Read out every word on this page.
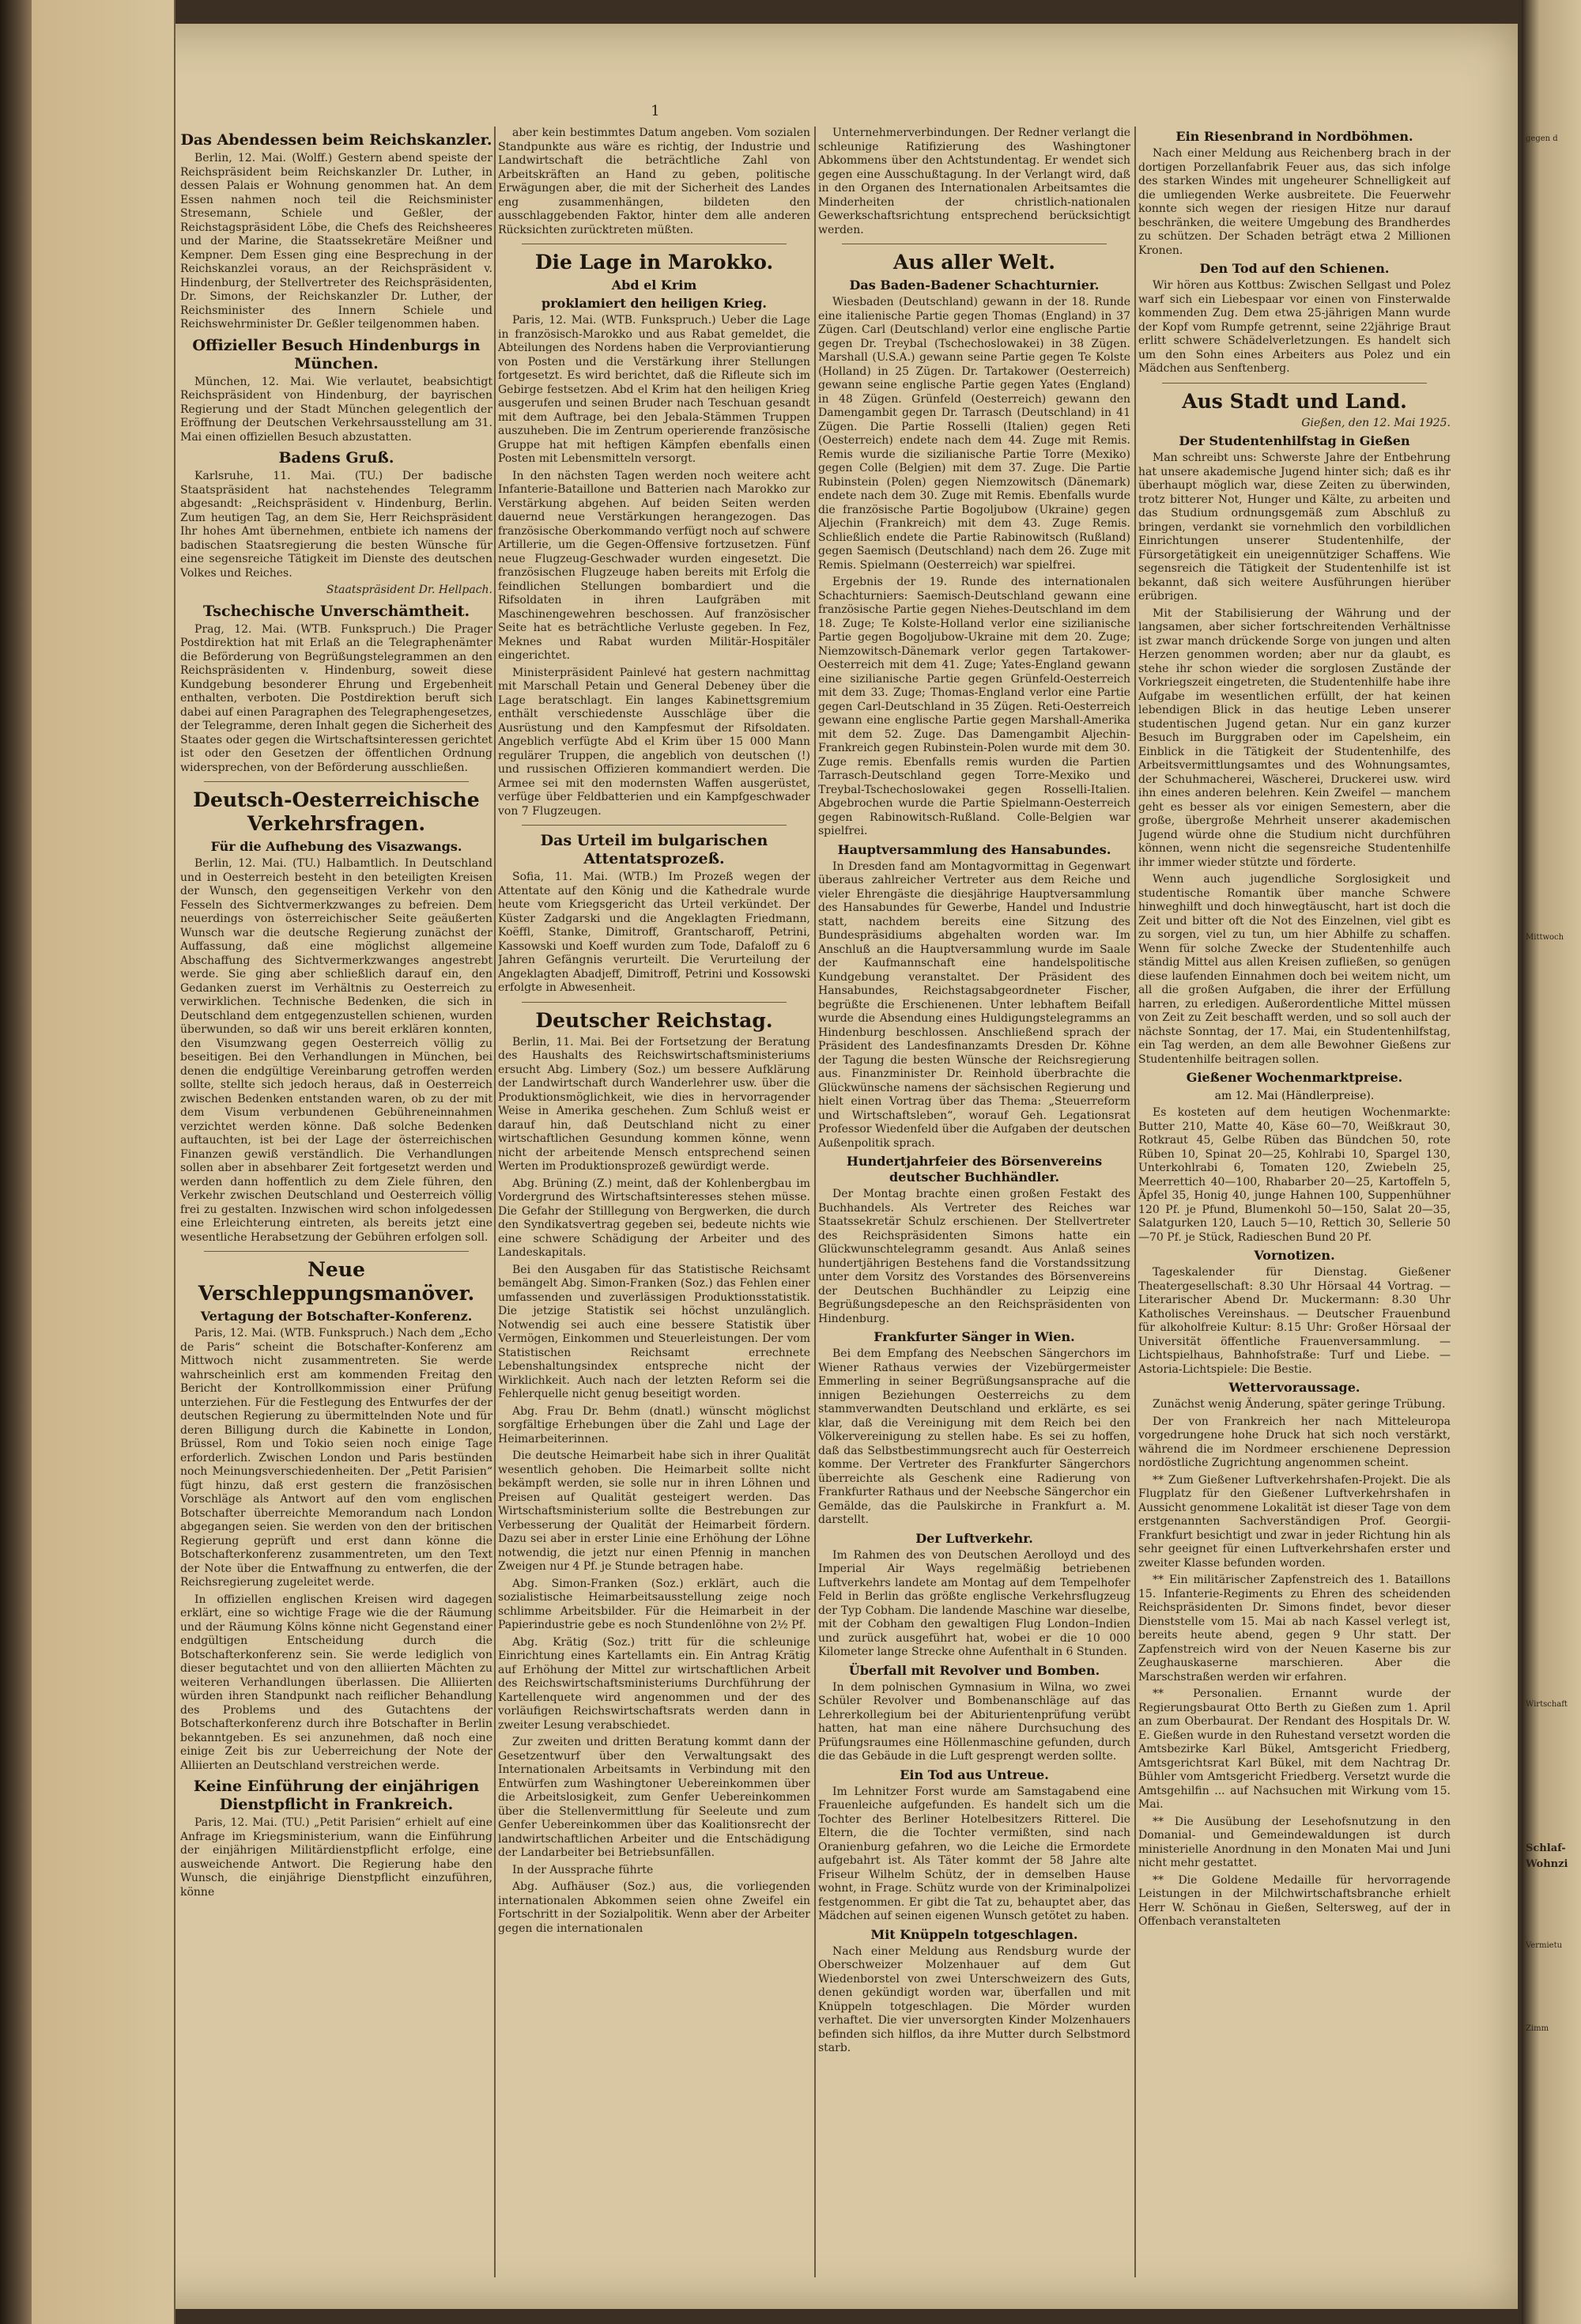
1
Das Abendessen beim Reichskanzler.

Berlin, 12. Mai. (Wolff.) Gestern abend speiste der Reichspräsident beim Reichskanzler Dr. Luther, in dessen Palais er Wohnung genommen hat. An dem Essen nahmen noch teil die Reichsminister Stresemann, Schiele und Geßler, der Reichstagspräsident Löbe, die Chefs des Reichsheeres und der Marine, die Staatssekretäre Meißner und Kempner. Dem Essen ging eine Besprechung in der Reichskanzlei voraus, an der Reichspräsident v. Hindenburg, der Stellvertreter des Reichspräsidenten, Dr. Simons, der Reichskanzler Dr. Luther, der Reichsminister des Innern Schiele und Reichswehrminister Dr. Geßler teilgenommen haben.

Offizieller Besuch Hindenburgs in München.

München, 12. Mai. Wie verlautet, beabsichtigt Reichspräsident von Hindenburg, der bayrischen Regierung und der Stadt München gelegentlich der Eröffnung der Deutschen Verkehrsausstellung am 31. Mai einen offiziellen Besuch abzustatten.

Badens Gruß.

Karlsruhe, 11. Mai. (TU.) Der badische Staatspräsident hat nachstehendes Telegramm abgesandt: „Reichspräsident v. Hindenburg, Berlin. Zum heutigen Tag, an dem Sie, Herr Reichspräsident Ihr hohes Amt übernehmen, entbiete ich namens der badischen Staatsregierung die besten Wünsche für eine segensreiche Tätigkeit im Dienste des deutschen Volkes und Reiches.

Staatspräsident Dr. Hellpach.

Tschechische Unverschämtheit.

Prag, 12. Mai. (WTB. Funkspruch.) Die Prager Postdirektion hat mit Erlaß an die Telegraphenämter die Beförderung von Begrüßungstelegrammen an den Reichspräsidenten v. Hindenburg, soweit diese Kundgebung besonderer Ehrung und Ergebenheit enthalten, verboten. Die Postdirektion beruft sich dabei auf einen Paragraphen des Telegraphengesetzes, der Telegramme, deren Inhalt gegen die Sicherheit des Staates oder gegen die Wirtschaftsinteressen gerichtet ist oder den Gesetzen der öffentlichen Ordnung widersprechen, von der Beförderung ausschließen.

Deutsch-Oesterreichische Verkehrsfragen.
Für die Aufhebung des Visazwangs.

Berlin, 12. Mai. (TU.) Halbamtlich. In Deutschland und in Oesterreich besteht in den beteiligten Kreisen der Wunsch, den gegenseitigen Verkehr von den Fesseln des Sichtvermerkzwanges zu befreien. Dem neuerdings von österreichischer Seite geäußerten Wunsch war die deutsche Regierung zunächst der Auffassung, daß eine möglichst allgemeine Abschaffung des Sichtvermerkzwanges angestrebt werde. Sie ging aber schließlich darauf ein, den Gedanken zuerst im Verhältnis zu Oesterreich zu verwirklichen. Technische Bedenken, die sich in Deutschland dem entgegenzustellen schienen, wurden überwunden, so daß wir uns bereit erklären konnten, den Visumzwang gegen Oesterreich völlig zu beseitigen. Bei den Verhandlungen in München, bei denen die endgültige Vereinbarung getroffen werden sollte, stellte sich jedoch heraus, daß in Oesterreich zwischen Bedenken entstanden waren, ob zu der mit dem Visum verbundenen Gebühreneinnahmen verzichtet werden könne. Daß solche Bedenken auftauchten, ist bei der Lage der österreichischen Finanzen gewiß verständlich. Die Verhandlungen sollen aber in absehbarer Zeit fortgesetzt werden und werden dann hoffentlich zu dem Ziele führen, den Verkehr zwischen Deutschland und Oesterreich völlig frei zu gestalten. Inzwischen wird schon infolgedessen eine Erleichterung eintreten, als bereits jetzt eine wesentliche Herabsetzung der Gebühren erfolgen soll.

Neue Verschleppungsmanöver.
Vertagung der Botschafter-Konferenz.

Paris, 12. Mai. (WTB. Funkspruch.) Nach dem „Echo de Paris“ scheint die Botschafter-Konferenz am Mittwoch nicht zusammentreten. Sie werde wahrscheinlich erst am kommenden Freitag den Bericht der Kontrollkommission einer Prüfung unterziehen. Für die Festlegung des Entwurfes der der deutschen Regierung zu übermittelnden Note und für deren Billigung durch die Kabinette in London, Brüssel, Rom und Tokio seien noch einige Tage erforderlich. Zwischen London und Paris bestünden noch Meinungsverschiedenheiten. Der „Petit Parisien“ fügt hinzu, daß erst gestern die französischen Vorschläge als Antwort auf den vom englischen Botschafter überreichte Memorandum nach London abgegangen seien. Sie werden von den der britischen Regierung geprüft und erst dann könne die Botschafterkonferenz zusammentreten, um den Text der Note über die Entwaffnung zu entwerfen, die der Reichsregierung zugeleitet werde.

In offiziellen englischen Kreisen wird dagegen erklärt, eine so wichtige Frage wie die der Räumung und der Räumung Kölns könne nicht Gegenstand einer endgültigen Entscheidung durch die Botschafterkonferenz sein. Sie werde lediglich von dieser begutachtet und von den alliierten Mächten zu weiteren Verhandlungen überlassen. Die Alliierten würden ihren Standpunkt nach reiflicher Behandlung des Problems und des Gutachtens der Botschafterkonferenz durch ihre Botschafter in Berlin bekanntgeben. Es sei anzunehmen, daß noch eine einige Zeit bis zur Ueberreichung der Note der Alliierten an Deutschland verstreichen werde.

Keine Einführung der einjährigen Dienstpflicht in Frankreich.

Paris, 12. Mai. (TU.) „Petit Parisien“ erhielt auf eine Anfrage im Kriegsministerium, wann die Einführung der einjährigen Militärdienstpflicht erfolge, eine ausweichende Antwort. Die Regierung habe den Wunsch, die einjährige Dienstpflicht einzuführen, könne

aber kein bestimmtes Datum angeben. Vom sozialen Standpunkte aus wäre es richtig, der Industrie und Landwirtschaft die beträchtliche Zahl von Arbeitskräften an Hand zu geben, politische Erwägungen aber, die mit der Sicherheit des Landes eng zusammenhängen, bildeten den ausschlaggebenden Faktor, hinter dem alle anderen Rücksichten zurücktreten müßten.

Die Lage in Marokko.
Abd el Krim
proklamiert den heiligen Krieg.

Paris, 12. Mai. (WTB. Funkspruch.) Ueber die Lage in französisch-Marokko und aus Rabat gemeldet, die Abteilungen des Nordens haben die Verproviantierung von Posten und die Verstärkung ihrer Stellungen fortgesetzt. Es wird berichtet, daß die Rifleute sich im Gebirge festsetzen. Abd el Krim hat den heiligen Krieg ausgerufen und seinen Bruder nach Teschuan gesandt mit dem Auftrage, bei den Jebala-Stämmen Truppen auszuheben. Die im Zentrum operierende französische Gruppe hat mit heftigen Kämpfen ebenfalls einen Posten mit Lebensmitteln versorgt.

In den nächsten Tagen werden noch weitere acht Infanterie-Bataillone und Batterien nach Marokko zur Verstärkung abgehen. Auf beiden Seiten werden dauernd neue Verstärkungen herangezogen. Das französische Oberkommando verfügt noch auf schwere Artillerie, um die Gegen-Offensive fortzusetzen. Fünf neue Flugzeug-Geschwader wurden eingesetzt. Die französischen Flugzeuge haben bereits mit Erfolg die feindlichen Stellungen bombardiert und die Rifsoldaten in ihren Laufgräben mit Maschinengewehren beschossen. Auf französischer Seite hat es beträchtliche Verluste gegeben. In Fez, Meknes und Rabat wurden Militär-Hospitäler eingerichtet.

Ministerpräsident Painlevé hat gestern nachmittag mit Marschall Petain und General Debeney über die Lage beratschlagt. Ein langes Kabinettsgremium enthält verschiedenste Ausschläge über die Ausrüstung und den Kampfesmut der Rifsoldaten. Angeblich verfügte Abd el Krim über 15 000 Mann regulärer Truppen, die angeblich von deutschen (!) und russischen Offizieren kommandiert werden. Die Armee sei mit den modernsten Waffen ausgerüstet, verfüge über Feldbatterien und ein Kampfgeschwader von 7 Flugzeugen.

Das Urteil im bulgarischen Attentatsprozeß.

Sofia, 11. Mai. (WTB.) Im Prozeß wegen der Attentate auf den König und die Kathedrale wurde heute vom Kriegsgericht das Urteil verkündet. Der Küster Zadgarski und die Angeklagten Friedmann, Koëffl, Stanke, Dimitroff, Grantscharoff, Petrini, Kassowski und Koeff wurden zum Tode, Dafaloff zu 6 Jahren Gefängnis verurteilt. Die Verurteilung der Angeklagten Abadjeff, Dimitroff, Petrini und Kossowski erfolgte in Abwesenheit.

Deutscher Reichstag.

Berlin, 11. Mai. Bei der Fortsetzung der Beratung des Haushalts des Reichswirtschaftsministeriums ersucht Abg. Limbery (Soz.) um bessere Aufklärung der Landwirtschaft durch Wanderlehrer usw. über die Produktionsmöglichkeit, wie dies in hervorragender Weise in Amerika geschehen. Zum Schluß weist er darauf hin, daß Deutschland nicht zu einer wirtschaftlichen Gesundung kommen könne, wenn nicht der arbeitende Mensch entsprechend seinen Werten im Produktionsprozeß gewürdigt werde.

Abg. Brüning (Z.) meint, daß der Kohlenbergbau im Vordergrund des Wirtschaftsinteresses stehen müsse. Die Gefahr der Stilllegung von Bergwerken, die durch den Syndikatsvertrag gegeben sei, bedeute nichts wie eine schwere Schädigung der Arbeiter und des Landeskapitals.

Bei den Ausgaben für das Statistische Reichsamt bemängelt Abg. Simon-Franken (Soz.) das Fehlen einer umfassenden und zuverlässigen Produktionsstatistik. Die jetzige Statistik sei höchst unzulänglich. Notwendig sei auch eine bessere Statistik über Vermögen, Einkommen und Steuerleistungen. Der vom Statistischen Reichsamt errechnete Lebenshaltungsindex entspreche nicht der Wirklichkeit. Auch nach der letzten Reform sei die Fehlerquelle nicht genug beseitigt worden.

Abg. Frau Dr. Behm (dnatl.) wünscht möglichst sorgfältige Erhebungen über die Zahl und Lage der Heimarbeiterinnen.

Die deutsche Heimarbeit habe sich in ihrer Qualität wesentlich gehoben. Die Heimarbeit sollte nicht bekämpft werden, sie solle nur in ihren Löhnen und Preisen auf Qualität gesteigert werden. Das Wirtschaftsministerium sollte die Bestrebungen zur Verbesserung der Qualität der Heimarbeit fördern. Dazu sei aber in erster Linie eine Erhöhung der Löhne notwendig, die jetzt nur einen Pfennig in manchen Zweigen nur 4 Pf. je Stunde betragen habe.

Abg. Simon-Franken (Soz.) erklärt, auch die sozialistische Heimarbeitsausstellung zeige noch schlimme Arbeitsbilder. Für die Heimarbeit in der Papierindustrie gebe es noch Stundenlöhne von 2½ Pf.

Abg. Krätig (Soz.) tritt für die schleunige Einrichtung eines Kartellamts ein. Ein Antrag Krätig auf Erhöhung der Mittel zur wirtschaftlichen Arbeit des Reichswirtschaftsministeriums Durchführung der Kartellenquete wird angenommen und der des vorläufigen Reichswirtschaftsrats werden dann in zweiter Lesung verabschiedet.

Zur zweiten und dritten Beratung kommt dann der Gesetzentwurf über den Verwaltungsakt des Internationalen Arbeitsamts in Verbindung mit den Entwürfen zum Washingtoner Uebereinkommen über die Arbeitslosigkeit, zum Genfer Uebereinkommen über die Stellenvermittlung für Seeleute und zum Genfer Uebereinkommen über das Koalitionsrecht der landwirtschaftlichen Arbeiter und die Entschädigung der Landarbeiter bei Betriebsunfällen.

In der Aussprache führte

Abg. Aufhäuser (Soz.) aus, die vorliegenden internationalen Abkommen seien ohne Zweifel ein Fortschritt in der Sozialpolitik. Wenn aber der Arbeiter gegen die internationalen

Unternehmerverbindungen. Der Redner verlangt die schleunige Ratifizierung des Washingtoner Abkommens über den Achtstundentag. Er wendet sich gegen eine Ausschußtagung. In der Verlangt wird, daß in den Organen des Internationalen Arbeitsamtes die Minderheiten der christlich-nationalen Gewerkschaftsrichtung entsprechend berücksichtigt werden.

Aus aller Welt.
Das Baden-Badener Schachturnier.

Wiesbaden (Deutschland) gewann in der 18. Runde eine italienische Partie gegen Thomas (England) in 37 Zügen. Carl (Deutschland) verlor eine englische Partie gegen Dr. Treybal (Tschechoslowakei) in 38 Zügen. Marshall (U.S.A.) gewann seine Partie gegen Te Kolste (Holland) in 25 Zügen. Dr. Tartakower (Oesterreich) gewann seine englische Partie gegen Yates (England) in 48 Zügen. Grünfeld (Oesterreich) gewann den Damengambit gegen Dr. Tarrasch (Deutschland) in 41 Zügen. Die Partie Rosselli (Italien) gegen Reti (Oesterreich) endete nach dem 44. Zuge mit Remis. Remis wurde die sizilianische Partie Torre (Mexiko) gegen Colle (Belgien) mit dem 37. Zuge. Die Partie Rubinstein (Polen) gegen Niemzowitsch (Dänemark) endete nach dem 30. Zuge mit Remis. Ebenfalls wurde die französische Partie Bogoljubow (Ukraine) gegen Aljechin (Frankreich) mit dem 43. Zuge Remis. Schließlich endete die Partie Rabinowitsch (Rußland) gegen Saemisch (Deutschland) nach dem 26. Zuge mit Remis. Spielmann (Oesterreich) war spielfrei.

Ergebnis der 19. Runde des internationalen Schachturniers: Saemisch-Deutschland gewann eine französische Partie gegen Niehes-Deutschland im dem 18. Zuge; Te Kolste-Holland verlor eine sizilianische Partie gegen Bogoljubow-Ukraine mit dem 20. Zuge; Niemzowitsch-Dänemark verlor gegen Tartakower-Oesterreich mit dem 41. Zuge; Yates-England gewann eine sizilianische Partie gegen Grünfeld-Oesterreich mit dem 33. Zuge; Thomas-England verlor eine Partie gegen Carl-Deutschland in 35 Zügen. Reti-Oesterreich gewann eine englische Partie gegen Marshall-Amerika mit dem 52. Zuge. Das Damengambit Aljechin-Frankreich gegen Rubinstein-Polen wurde mit dem 30. Zuge remis. Ebenfalls remis wurden die Partien Tarrasch-Deutschland gegen Torre-Mexiko und Treybal-Tschechoslowakei gegen Rosselli-Italien. Abgebrochen wurde die Partie Spielmann-Oesterreich gegen Rabinowitsch-Rußland. Colle-Belgien war spielfrei.

Hauptversammlung des Hansabundes.

In Dresden fand am Montagvormittag in Gegenwart überaus zahlreicher Vertreter aus dem Reiche und vieler Ehrengäste die diesjährige Hauptversammlung des Hansabundes für Gewerbe, Handel und Industrie statt, nachdem bereits eine Sitzung des Bundespräsidiums abgehalten worden war. Im Anschluß an die Hauptversammlung wurde im Saale der Kaufmannschaft eine handelspolitische Kundgebung veranstaltet. Der Präsident des Hansabundes, Reichstagsabgeordneter Fischer, begrüßte die Erschienenen. Unter lebhaftem Beifall wurde die Absendung eines Huldigungstelegramms an Hindenburg beschlossen. Anschließend sprach der Präsident des Landesfinanzamts Dresden Dr. Köhne der Tagung die besten Wünsche der Reichsregierung aus. Finanzminister Dr. Reinhold überbrachte die Glückwünsche namens der sächsischen Regierung und hielt einen Vortrag über das Thema: „Steuerreform und Wirtschaftsleben“, worauf Geh. Legationsrat Professor Wiedenfeld über die Aufgaben der deutschen Außenpolitik sprach.

Hundertjahrfeier des Börsenvereins deutscher Buchhändler.

Der Montag brachte einen großen Festakt des Buchhandels. Als Vertreter des Reiches war Staatssekretär Schulz erschienen. Der Stellvertreter des Reichspräsidenten Simons hatte ein Glückwunschtelegramm gesandt. Aus Anlaß seines hundertjährigen Bestehens fand die Vorstandssitzung unter dem Vorsitz des Vorstandes des Börsenvereins der Deutschen Buchhändler zu Leipzig eine Begrüßungsdepesche an den Reichspräsidenten von Hindenburg.

Frankfurter Sänger in Wien.

Bei dem Empfang des Neebschen Sängerchors im Wiener Rathaus verwies der Vizebürgermeister Emmerling in seiner Begrüßungsansprache auf die innigen Beziehungen Oesterreichs zu dem stammverwandten Deutschland und erklärte, es sei klar, daß die Vereinigung mit dem Reich bei den Völkervereinigung zu stellen habe. Es sei zu hoffen, daß das Selbstbestimmungsrecht auch für Oesterreich komme. Der Vertreter des Frankfurter Sängerchors überreichte als Geschenk eine Radierung von Frankfurter Rathaus und der Neebsche Sängerchor ein Gemälde, das die Paulskirche in Frankfurt a. M. darstellt.

Der Luftverkehr.

Im Rahmen des von Deutschen Aerolloyd und des Imperial Air Ways regelmäßig betriebenen Luftverkehrs landete am Montag auf dem Tempelhofer Feld in Berlin das größte englische Verkehrsflugzeug der Typ Cobham. Die landende Maschine war dieselbe, mit der Cobham den gewaltigen Flug London–Indien und zurück ausgeführt hat, wobei er die 10 000 Kilometer lange Strecke ohne Aufenthalt in 6 Stunden.

Überfall mit Revolver und Bomben.

In dem polnischen Gymnasium in Wilna, wo zwei Schüler Revolver und Bombenanschläge auf das Lehrerkollegium bei der Abiturientenprüfung verübt hatten, hat man eine nähere Durchsuchung des Prüfungsraumes eine Höllenmaschine gefunden, durch die das Gebäude in die Luft gesprengt werden sollte.

Ein Tod aus Untreue.

Im Lehnitzer Forst wurde am Samstagabend eine Frauenleiche aufgefunden. Es handelt sich um die Tochter des Berliner Hotelbesitzers Ritterel. Die Eltern, die die Tochter vermißten, sind nach Oranienburg gefahren, wo die Leiche die Ermordete aufgebahrt ist. Als Täter kommt der 58 Jahre alte Friseur Wilhelm Schütz, der in demselben Hause wohnt, in Frage. Schütz wurde von der Kriminalpolizei festgenommen. Er gibt die Tat zu, behauptet aber, das Mädchen auf seinen eigenen Wunsch getötet zu haben.

Mit Knüppeln totgeschlagen.

Nach einer Meldung aus Rendsburg wurde der Oberschweizer Molzenhauer auf dem Gut Wiedenborstel von zwei Unterschweizern des Guts, denen gekündigt worden war, überfallen und mit Knüppeln totgeschlagen. Die Mörder wurden verhaftet. Die vier unversorgten Kinder Molzenhauers befinden sich hilflos, da ihre Mutter durch Selbstmord starb.

Ein Riesenbrand in Nordböhmen.

Nach einer Meldung aus Reichenberg brach in der dortigen Porzellanfabrik Feuer aus, das sich infolge des starken Windes mit ungeheurer Schnelligkeit auf die umliegenden Werke ausbreitete. Die Feuerwehr konnte sich wegen der riesigen Hitze nur darauf beschränken, die weitere Umgebung des Brandherdes zu schützen. Der Schaden beträgt etwa 2 Millionen Kronen.

Den Tod auf den Schienen.

Wir hören aus Kottbus: Zwischen Sellgast und Polez warf sich ein Liebespaar vor einen von Finsterwalde kommenden Zug. Dem etwa 25-jährigen Mann wurde der Kopf vom Rumpfe getrennt, seine 22jährige Braut erlitt schwere Schädelverletzungen. Es handelt sich um den Sohn eines Arbeiters aus Polez und ein Mädchen aus Senftenberg.

Aus Stadt und Land.

Gießen, den 12. Mai 1925.

Der Studentenhilfstag in Gießen

Man schreibt uns: Schwerste Jahre der Entbehrung hat unsere akademische Jugend hinter sich; daß es ihr überhaupt möglich war, diese Zeiten zu überwinden, trotz bitterer Not, Hunger und Kälte, zu arbeiten und das Studium ordnungsgemäß zum Abschluß zu bringen, verdankt sie vornehmlich den vorbildlichen Einrichtungen unserer Studentenhilfe, der Fürsorgetätigkeit ein uneigennütziger Schaffens. Wie segensreich die Tätigkeit der Studentenhilfe ist ist bekannt, daß sich weitere Ausführungen hierüber erübrigen.

Mit der Stabilisierung der Währung und der langsamen, aber sicher fortschreitenden Verhältnisse ist zwar manch drückende Sorge von jungen und alten Herzen genommen worden; aber nur da glaubt, es stehe ihr schon wieder die sorglosen Zustände der Vorkriegszeit eingetreten, die Studentenhilfe habe ihre Aufgabe im wesentlichen erfüllt, der hat keinen lebendigen Blick in das heutige Leben unserer studentischen Jugend getan. Nur ein ganz kurzer Besuch im Burggraben oder im Capelsheim, ein Einblick in die Tätigkeit der Studentenhilfe, des Arbeitsvermittlungsamtes und des Wohnungsamtes, der Schuhmacherei, Wäscherei, Druckerei usw. wird ihn eines anderen belehren. Kein Zweifel — manchem geht es besser als vor einigen Semestern, aber die große, übergroße Mehrheit unserer akademischen Jugend würde ohne die Studium nicht durchführen können, wenn nicht die segensreiche Studentenhilfe ihr immer wieder stützte und förderte.

Wenn auch jugendliche Sorglosigkeit und studentische Romantik über manche Schwere hinweghilft und doch hinwegtäuscht, hart ist doch die Zeit und bitter oft die Not des Einzelnen, viel gibt es zu sorgen, viel zu tun, um hier Abhilfe zu schaffen. Wenn für solche Zwecke der Studentenhilfe auch ständig Mittel aus allen Kreisen zufließen, so genügen diese laufenden Einnahmen doch bei weitem nicht, um all die großen Aufgaben, die ihrer der Erfüllung harren, zu erledigen. Außerordentliche Mittel müssen von Zeit zu Zeit beschafft werden, und so soll auch der nächste Sonntag, der 17. Mai, ein Studentenhilfstag, ein Tag werden, an dem alle Bewohner Gießens zur Studentenhilfe beitragen sollen.

Gießener Wochenmarktpreise.
am 12. Mai (Händlerpreise).

Es kosteten auf dem heutigen Wochenmarkte: Butter 210, Matte 40, Käse 60—70, Weißkraut 30, Rotkraut 45, Gelbe Rüben das Bündchen 50, rote Rüben 10, Spinat 20—25, Kohlrabi 10, Spargel 130, Unterkohlrabi 6, Tomaten 120, Zwiebeln 25, Meerrettich 40—100, Rhabarber 20—25, Kartoffeln 5, Äpfel 35, Honig 40, junge Hahnen 100, Suppenhühner 120 Pf. je Pfund, Blumenkohl 50—150, Salat 20—35, Salatgurken 120, Lauch 5—10, Rettich 30, Sellerie 50—70 Pf. je Stück, Radieschen Bund 20 Pf.

Vornotizen.

Tageskalender für Dienstag. Gießener Theatergesellschaft: 8.30 Uhr Hörsaal 44 Vortrag. — Literarischer Abend Dr. Muckermann: 8.30 Uhr Katholisches Vereinshaus. — Deutscher Frauenbund für alkoholfreie Kultur: 8.15 Uhr: Großer Hörsaal der Universität öffentliche Frauenversammlung. — Lichtspielhaus, Bahnhofstraße: Turf und Liebe. — Astoria-Lichtspiele: Die Bestie.

Wettervoraussage.

Zunächst wenig Änderung, später geringe Trübung.

Der von Frankreich her nach Mitteleuropa vorgedrungene hohe Druck hat sich noch verstärkt, während die im Nordmeer erschienene Depression nordöstliche Zugrichtung angenommen scheint.

** Zum Gießener Luftverkehrshafen-Projekt. Die als Flugplatz für den Gießener Luftverkehrshafen in Aussicht genommene Lokalität ist dieser Tage von dem erstgenannten Sachverständigen Prof. Georgii-Frankfurt besichtigt und zwar in jeder Richtung hin als sehr geeignet für einen Luftverkehrshafen erster und zweiter Klasse befunden worden.

** Ein militärischer Zapfenstreich des 1. Bataillons 15. Infanterie-Regiments zu Ehren des scheidenden Reichspräsidenten Dr. Simons findet, bevor dieser Dienststelle vom 15. Mai ab nach Kassel verlegt ist, bereits heute abend, gegen 9 Uhr statt. Der Zapfenstreich wird von der Neuen Kaserne bis zur Zeughauskaserne marschieren. Aber die Marschstraßen werden wir erfahren.

** Personalien. Ernannt wurde der Regierungsbaurat Otto Berth zu Gießen zum 1. April an zum Oberbaurat. Der Rendant des Hospitals Dr. W. E. Gießen wurde in den Ruhestand versetzt worden die Amtsbezirke Karl Bükel, Amtsgericht Friedberg, Amtsgerichtsrat Karl Bükel, mit dem Nachtrag Dr. Bühler vom Amtsgericht Friedberg. Versetzt wurde die Amtsgehilfin ... auf Nachsuchen mit Wirkung vom 15. Mai.

** Die Ausübung der Lesehofsnutzung in den Domanial- und Gemeindewaldungen ist durch ministerielle Anordnung in den Monaten Mai und Juni nicht mehr gestattet.

** Die Goldene Medaille für hervorragende Leistungen in der Milchwirtschaftsbranche erhielt Herr W. Schönau in Gießen, Seltersweg, auf der in Offenbach veranstalteten

gegen d
Mittwoch
Wirtschaft
Schlaf-
Wohnzi
Vermietu
Zimm
